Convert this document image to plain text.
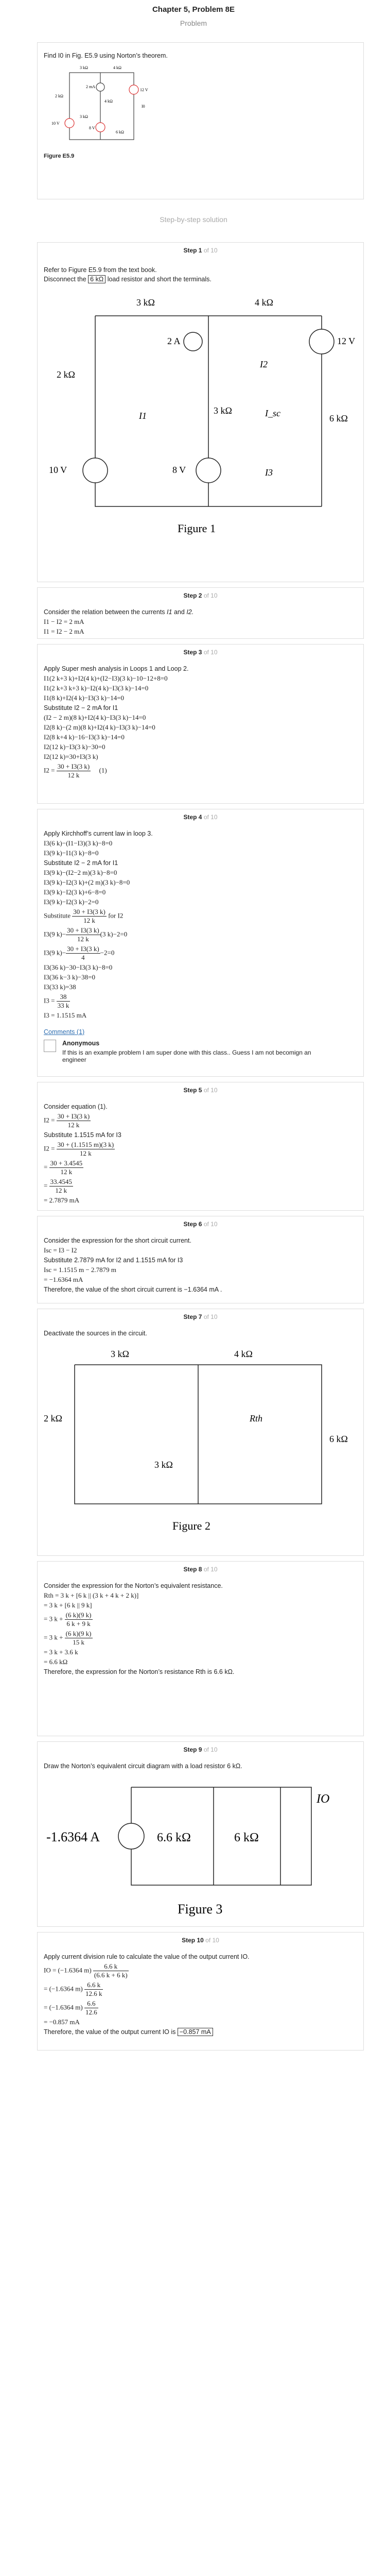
Chapter 5, Problem 8E
Problem

Find I0 in Fig. E5.9 using Norton’s theorem.

3 kΩ	4 kΩ
2 kΩ
2 mA
12 V
4 kΩ
10 V
3 kΩ
8 V
6 kΩ
I0
Figure E5.9
Step-by-step solution
Step 1 of 10

Refer to Figure E5.9 from the text book.

Disconnect the 6 kΩ load resistor and short the terminals.

3 kΩ	4 kΩ
2 kΩ
2 A	12 V
3 kΩ	I_sc	6 kΩ
10 V	8 V
I1
I2
I3
Figure 1
Step 2 of 10

Consider the relation between the currents I1 and I2.

I1 − I2 = 2 mA
I1 = I2 − 2 mA
Step 3 of 10

Apply Super mesh analysis in Loops 1 and Loop 2.

I1(2 k+3 k)+I2(4 k)+(I2−I3)(3 k)−10−12+8=0
I1(2 k+3 k+3 k)−I2(4 k)−I3(3 k)−14=0
I1(8 k)+I2(4 k)−I3(3 k)−14=0

Substitute I2 − 2 mA for I1

(I2 − 2 m)(8 k)+I2(4 k)−I3(3 k)−14=0
I2(8 k)−(2 m)(8 k)+I2(4 k)−I3(3 k)−14=0
I2(8 k+4 k)−16−I3(3 k)−14=0
I2(12 k)−I3(3 k)−30=0
I2(12 k)=30+I3(3 k)
$I2 = \frac{30 + I3(3 k)}{12 k} (1)$
Step 4 of 10

Apply Kirchhoff’s current law in loop 3.

I3(6 k)−(I1−I3)(3 k)−8=0
I3(9 k)−I1(3 k)−8=0

Substitute I2 − 2 mA for I1

I3(9 k)−(I2−2 m)(3 k)−8=0
I3(9 k)−I2(3 k)+(2 m)(3 k)−8=0
I3(9 k)−I2(3 k)+6−8=0
I3(9 k)−I2(3 k)−2=0
Substitute $\frac{30 + I3(3 k)}{12 k}$ for I2
I3(9 $k)- \frac{30 + I3(3 k)}{12 k} (3$ k)−2=0
I3(9 $k)- \frac{30 + I3(3 k)}{4} -2=0$
I3(36 k)−30−I3(3 k)−8=0
I3(36 k−3 k)−38=0
I3(33 k)=38
$I3 = \frac{38}{33 k}$
I3 = 1.1515 mA
Comments (1)
Anonymous
If this is an example problem I am super done with this class.. Guess I am not becomign an engineer
Step 5 of 10

Consider equation (1).

$I2 = \frac{30 + I3(3 k)}{12 k}$

Substitute 1.1515 mA for I3

$I2 = \frac{30 + (1.1515 m)(3 k)}{12 k}$
= $\frac{30 + 3.4545}{12 k}$
= $\frac{33.4545}{12 k}$
= 2.7879 mA
Step 6 of 10

Consider the expression for the short circuit current.

Isc = I3 − I2

Substitute 2.7879 mA for I2 and 1.1515 mA for I3

Isc = 1.1515 m − 2.7879 m
= −1.6364 mA

Therefore, the value of the short circuit current is −1.6364 mA .

Step 7 of 10

Deactivate the sources in the circuit.

3 kΩ	4 kΩ
2 kΩ
3 kΩ
6 kΩ
Rth
Figure 2
Step 8 of 10

Consider the expression for the Norton’s equivalent resistance.

Rth = 3 k + [6 k || (3 k + 4 k + 2 k)]
= 3 k + [6 k || 9 k]
= 3 $k + \frac{(6 k)(9 k)}{6 k + 9 k}$
= 3 $k + \frac{(6 k)(9 k)}{15 k}$
= 3 k + 3.6 k
= 6.6 kΩ

Therefore, the expression for the Norton’s resistance Rth is 6.6 kΩ.

Step 9 of 10

Draw the Norton’s equivalent circuit diagram with a load resistor 6 kΩ.

-1.6364 A	6.6 kΩ	6 kΩ
IO
Figure 3
Step 10 of 10

Apply current division rule to calculate the value of the output current IO.

IO = (−1.6364 $m) \frac{6.6 k}{(6.6 k + 6 k)}$
= (−1.6364 $m) \frac{6.6 k}{12.6 k}$
= (−1.6364 $m) \frac{6.6}{12.6}$
= −0.857 mA

Therefore, the value of the output current IO is −0.857 mA
